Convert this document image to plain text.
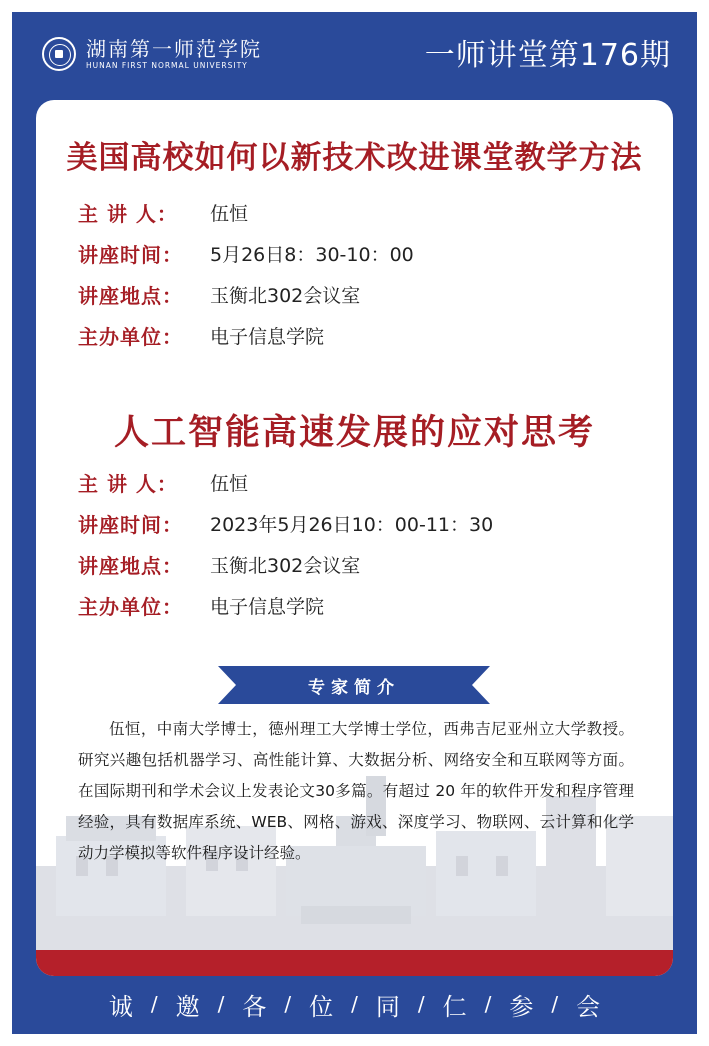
湖南第一师范学院
HUNAN FIRST NORMAL UNIVERSITY	一师讲堂第176期
美国高校如何以新技术改进课堂教学方法
主 讲 人：	伍恒
讲座时间：	5月26日8：30-10：00
讲座地点：	玉衡北302会议室
主办单位：	电子信息学院
人工智能高速发展的应对思考
主 讲 人：	伍恒
讲座时间：	2023年5月26日10：00-11：30
讲座地点：	玉衡北302会议室
主办单位：	电子信息学院
专家简介
伍恒，中南大学博士，德州理工大学博士学位，西弗吉尼亚州立大学教授。研究兴趣包括机器学习、高性能计算、大数据分析、网络安全和互联网等方面。在国际期刊和学术会议上发表论文30多篇。有超过 20 年的软件开发和程序管理经验，具有数据库系统、WEB、网格、游戏、深度学习、物联网、云计算和化学动力学模拟等软件程序设计经验。
诚 / 邀 / 各 / 位 / 同 / 仁 / 参 / 会
